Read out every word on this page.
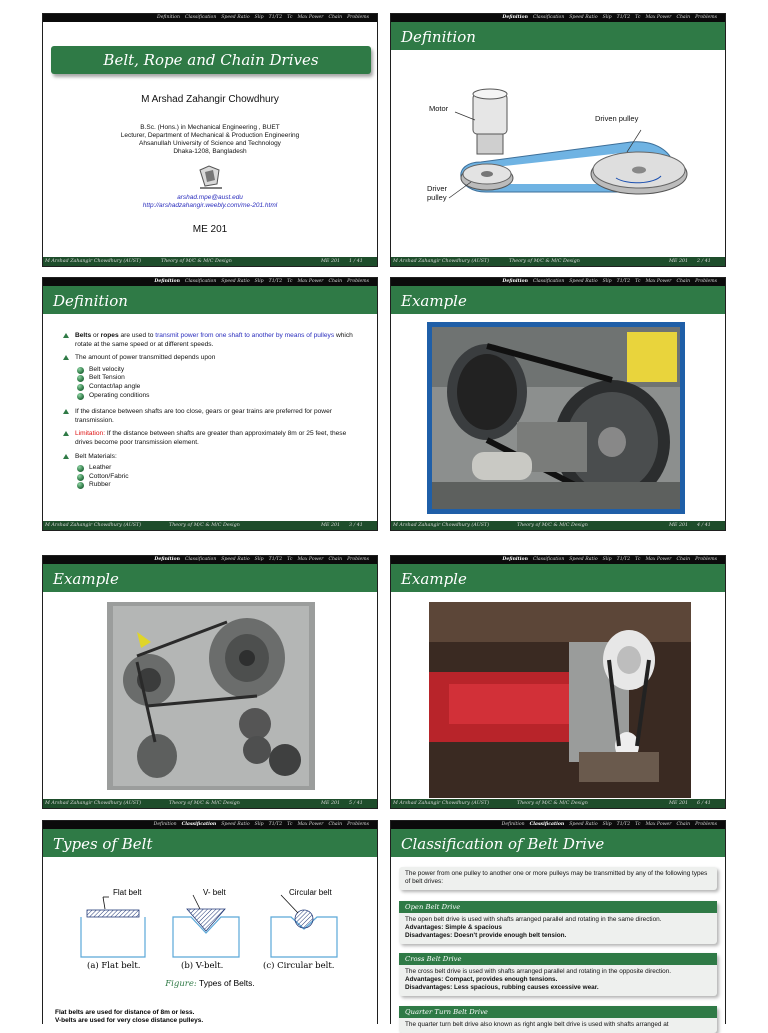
Definition Classification Speed Ratio Slip T1/T2 Tc Max Power Chain Problems
Belt, Rope and Chain Drives
M Arshad Zahangir Chowdhury
B.Sc. (Hons.) in Mechanical Engineering , BUET
Lecturer, Department of Mechanical & Production Engineering
Ahsanullah University of Science and Technology
Dhaka-1208, Bangladesh
arshad.mpe@aust.edu
http://arshadzahangir.weebly.com/me-201.html
ME 201
M Arshad Zahangir Chowdhury (AUST)	Theory of M/C & M/C Design	ME 201 1 / 41
Definition Classification Speed Ratio Slip T1/T2 Tc Max Power Chain Problems
Definition
Motor
Driven pulley
Driver
pulley
M Arshad Zahangir Chowdhury (AUST)	Theory of M/C & M/C Design	ME 201 2 / 41
Definition Classification Speed Ratio Slip T1/T2 Tc Max Power Chain Problems
Definition
Belts or ropes are used to transmit power from one shaft to another by means of pulleys which rotate at the same speed or at different speeds.
The amount of power transmitted depends upon
Belt velocity
Belt Tension
Contact/lap angle
Operating conditions
If the distance between shafts are too close, gears or gear trains are preferred for power transmission.
Limitation: If the distance between shafts are greater than approximately 8m or 25 feet, these drives become poor transmission element.
Belt Materials:
Leather
Cotton/Fabric
Rubber
M Arshad Zahangir Chowdhury (AUST)	Theory of M/C & M/C Design	ME 201 3 / 41
Definition Classification Speed Ratio Slip T1/T2 Tc Max Power Chain Problems
Example
M Arshad Zahangir Chowdhury (AUST)	Theory of M/C & M/C Design	ME 201 4 / 41
Definition Classification Speed Ratio Slip T1/T2 Tc Max Power Chain Problems
Example
M Arshad Zahangir Chowdhury (AUST)	Theory of M/C & M/C Design	ME 201 5 / 41
Definition Classification Speed Ratio Slip T1/T2 Tc Max Power Chain Problems
Example
M Arshad Zahangir Chowdhury (AUST)	Theory of M/C & M/C Design	ME 201 6 / 41
Definition Classification Speed Ratio Slip T1/T2 Tc Max Power Chain Problems
Types of Belt
Flat belt	V- belt	Circular belt
(a) Flat belt.	(b) V-belt.	(c) Circular belt.
Figure: Types of Belts.
Flat belts are used for distance of 8m or less.
V-belts are used for very close distance pulleys.
Definition Classification Speed Ratio Slip T1/T2 Tc Max Power Chain Problems
Classification of Belt Drive
The power from one pulley to another one or more pulleys may be transmitted by any of the following types of belt drives:
Open Belt Drive
The open belt drive is used with shafts arranged parallel and rotating in the same direction.
Advantages: Simple & spacious
Disadvantages: Doesn't provide enough belt tension.
Cross Belt Drive
The cross belt drive is used with shafts arranged parallel and rotating in the opposite direction.
Advantages: Compact, provides enough tensions.
Disadvantages: Less spacious, rubbing causes excessive wear.
Quarter Turn Belt Drive
The quarter turn belt drive also known as right angle belt drive is used with shafts arranged at
